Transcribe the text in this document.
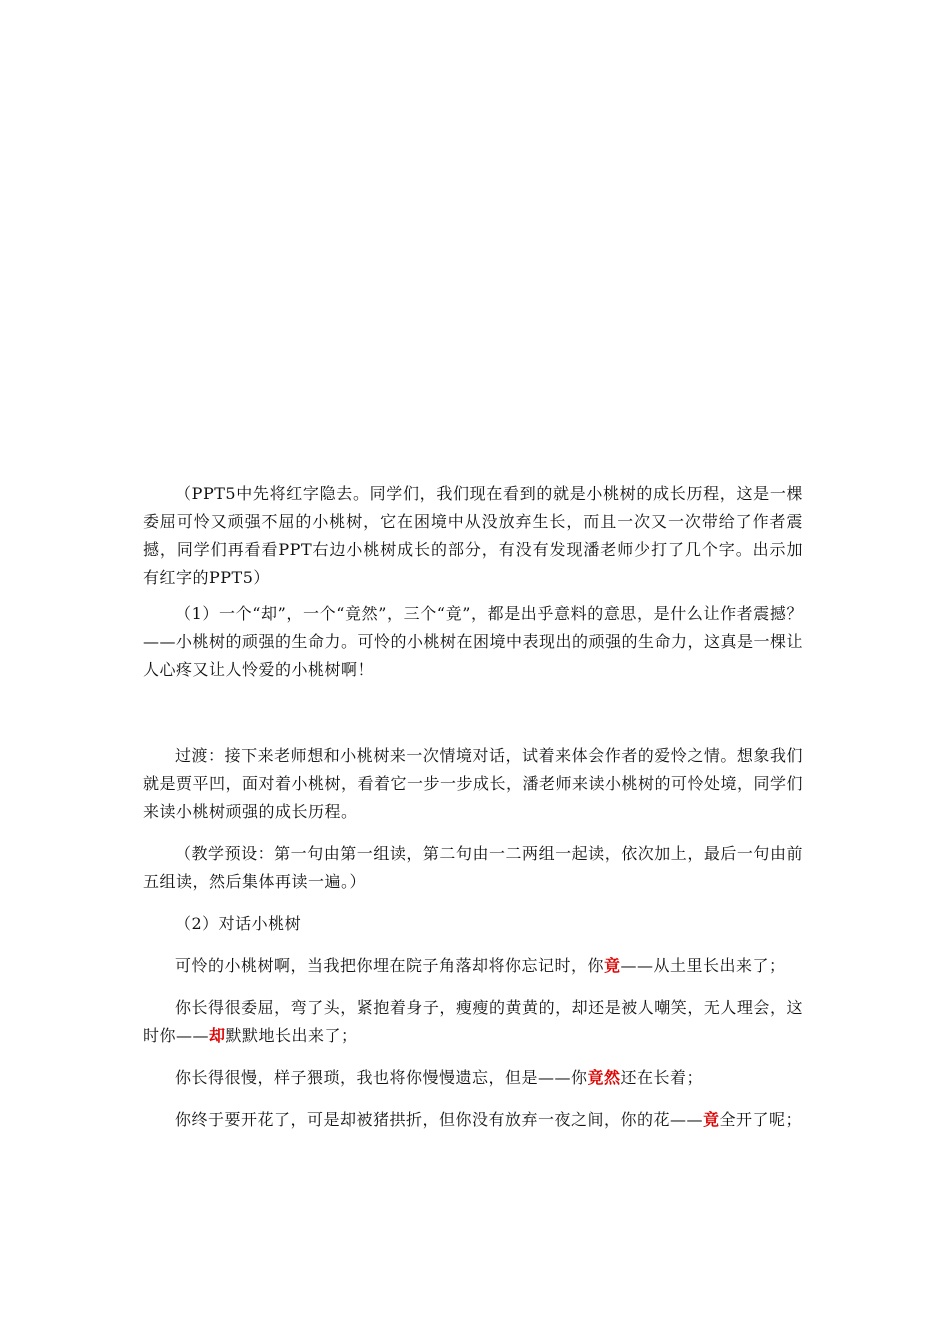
（PPT5中先将红字隐去。同学们，我们现在看到的就是小桃树的成长历程，这是一棵委屈可怜又顽强不屈的小桃树，它在困境中从没放弃生长，而且一次又一次带给了作者震撼，同学们再看看PPT右边小桃树成长的部分，有没有发现潘老师少打了几个字。出示加有红字的PPT5）

（1）一个“却”，一个“竟然”，三个“竟”，都是出乎意料的意思，是什么让作者震撼？——小桃树的顽强的生命力。可怜的小桃树在困境中表现出的顽强的生命力，这真是一棵让人心疼又让人怜爱的小桃树啊！

过渡：接下来老师想和小桃树来一次情境对话，试着来体会作者的爱怜之情。想象我们就是贾平凹，面对着小桃树，看着它一步一步成长，潘老师来读小桃树的可怜处境，同学们来读小桃树顽强的成长历程。

（教学预设：第一句由第一组读，第二句由一二两组一起读，依次加上，最后一句由前五组读，然后集体再读一遍。）

（2）对话小桃树

可怜的小桃树啊，当我把你埋在院子角落却将你忘记时，你竟——从土里长出来了；

你长得很委屈，弯了头，紧抱着身子，瘦瘦的黄黄的，却还是被人嘲笑，无人理会，这时你——却默默地长出来了；

你长得很慢，样子猥琐，我也将你慢慢遗忘，但是——你竟然还在长着；

你终于要开花了，可是却被猪拱折，但你没有放弃一夜之间，你的花——竟全开了呢；
